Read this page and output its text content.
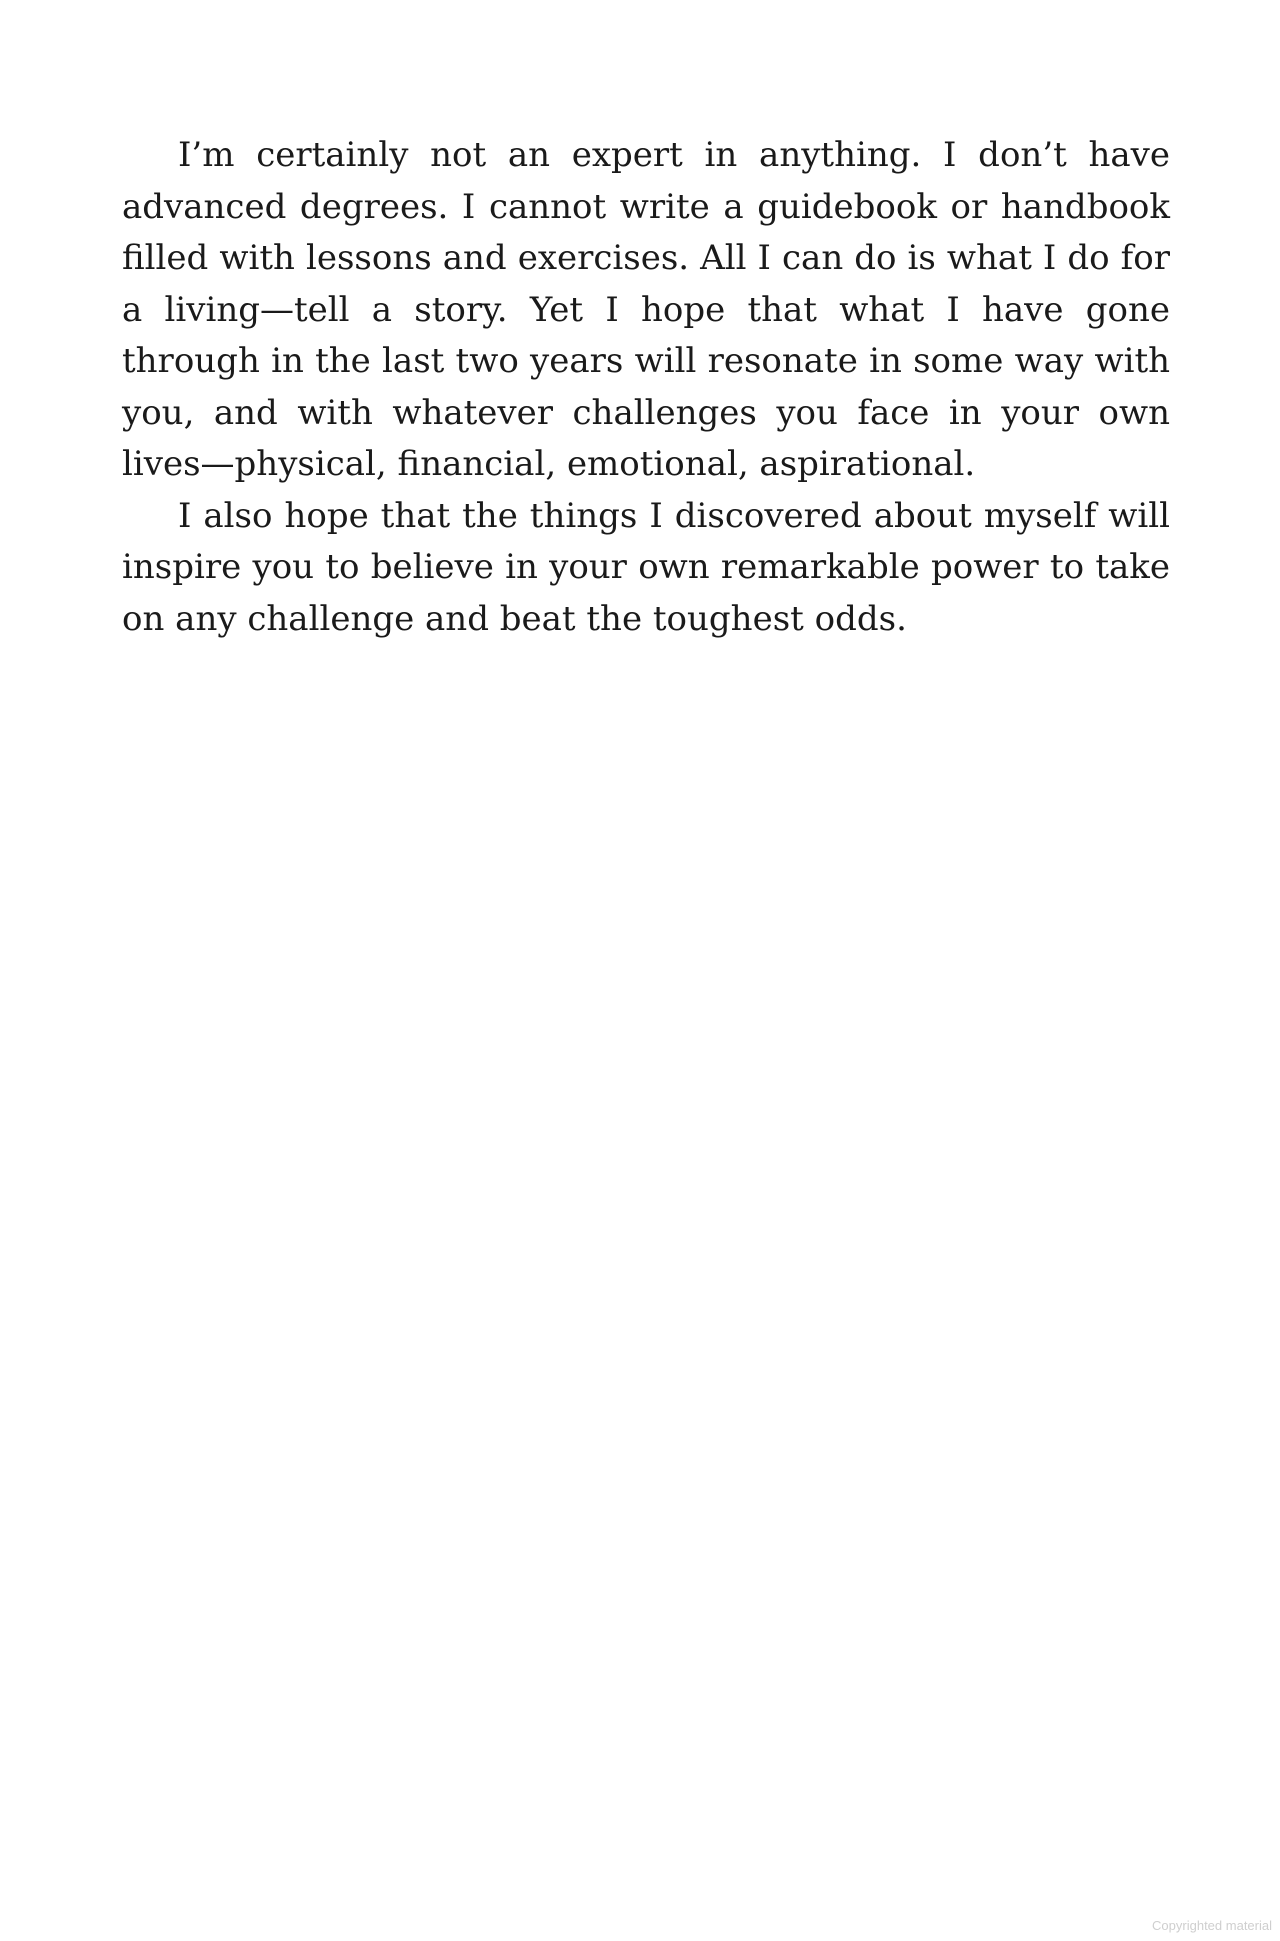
I’m certainly not an expert in anything. I don’t have advanced degrees. I cannot write a guidebook or handbook filled with lessons and exercises. All I can do is what I do for a living—tell a story. Yet I hope that what I have gone through in the last two years will resonate in some way with you, and with whatever challenges you face in your own lives—physical, financial, emotional, aspirational.

I also hope that the things I discovered about myself will inspire you to believe in your own remarkable power to take on any challenge and beat the toughest odds.

Copyrighted material
